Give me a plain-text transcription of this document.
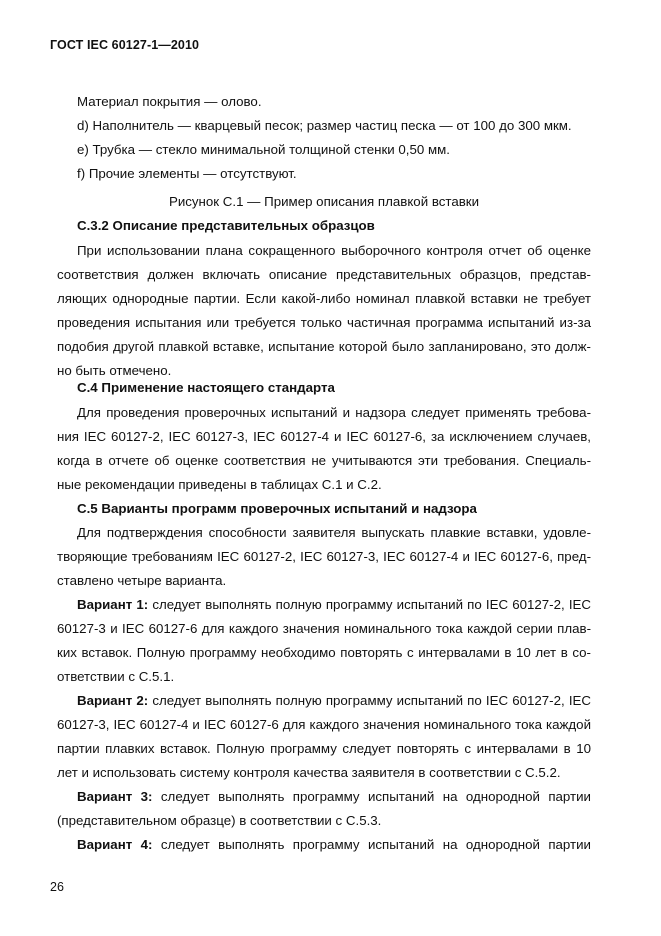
ГОСТ IEC 60127-1—2010
Материал покрытия — олово.
d) Наполнитель — кварцевый песок; размер частиц песка — от 100 до 300 мкм.
e) Трубка — стекло минимальной толщиной стенки 0,50 мм.
f) Прочие элементы — отсутствуют.
Рисунок С.1 — Пример описания плавкой вставки
С.3.2 Описание представительных образцов
При использовании плана сокращенного выборочного контроля отчет об оценке
соответствия должен включать описание представительных образцов, представ-
ляющих однородные партии. Если какой-либо номинал плавкой вставки не требует
проведения испытания или требуется только частичная программа испытаний из-за
подобия другой плавкой вставке, испытание которой было запланировано, это долж-
но быть отмечено.
С.4 Применение настоящего стандарта
Для проведения проверочных испытаний и надзора следует применять требова-
ния IEC 60127-2, IEC 60127-3, IEC 60127-4 и IEC 60127-6, за исключением случаев,
когда в отчете об оценке соответствия не учитываются эти требования. Специаль-
ные рекомендации приведены в таблицах С.1 и С.2.
С.5 Варианты программ проверочных испытаний и надзора
Для подтверждения способности заявителя выпускать плавкие вставки, удовле-
творяющие требованиям IEC 60127-2, IEC 60127-3, IEC 60127-4 и IEC 60127-6, пред-
ставлено четыре варианта.
Вариант 1: следует выполнять полную программу испытаний по IEC 60127-2, IEC
60127-3 и IEC 60127-6 для каждого значения номинального тока каждой серии плав-
ких вставок. Полную программу необходимо повторять с интервалами в 10 лет в со-
ответствии с С.5.1.
Вариант 2: следует выполнять полную программу испытаний по IEC 60127-2, IEC
60127-3, IEC 60127-4 и IEC 60127-6 для каждого значения номинального тока каждой
партии плавких вставок. Полную программу следует повторять с интервалами в 10
лет и использовать систему контроля качества заявителя в соответствии с С.5.2.
Вариант 3: следует выполнять программу испытаний на однородной партии
(представительном образце) в соответствии с С.5.3.
Вариант 4: следует выполнять программу испытаний на однородной партии
26
